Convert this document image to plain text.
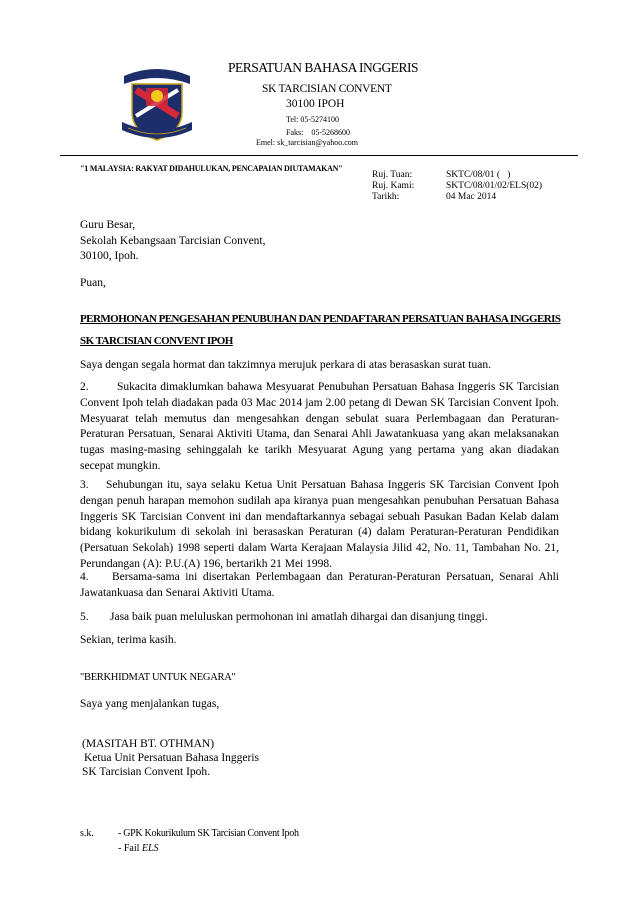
PERSATUAN BAHASA INGGERIS
SK TARCISIAN CONVENT
30100 IPOH
Tel: 05-5274100
Faks:    05-5268600
Emel: sk_tarcisian@yahoo.com
"1 MALAYSIA: RAKYAT DIDAHULUKAN, PENCAPAIAN DIUTAMAKAN"
Ruj. Tuan:	SKTC/08/01 (   )
Ruj. Kami:	SKTC/08/01/02/ELS(02)
Tarikh:	04 Mac 2014
Guru Besar,
Sekolah Kebangsaan Tarcisian Convent,
30100, Ipoh.
Puan,
PERMOHONAN PENGESAHAN PENUBUHAN DAN PENDAFTARAN PERSATUAN BAHASA INGGERIS
SK TARCISIAN CONVENT IPOH
Saya dengan segala hormat dan takzimnya merujuk perkara di atas berasaskan surat tuan.
2. Sukacita dimaklumkan bahawa Mesyuarat Penubuhan Persatuan Bahasa Inggeris SK Tarcisian Convent Ipoh telah diadakan pada 03 Mac 2014 jam 2.00 petang di Dewan SK Tarcisian Convent Ipoh. Mesyuarat telah memutus dan mengesahkan dengan sebulat suara Perlembagaan dan Peraturan-Peraturan Persatuan, Senarai Aktiviti Utama, dan Senarai Ahli Jawatankuasa yang akan melaksanakan tugas masing-masing sehinggalah ke tarikh Mesyuarat Agung yang pertama yang akan diadakan secepat mungkin.
3. Sehubungan itu, saya selaku Ketua Unit Persatuan Bahasa Inggeris SK Tarcisian Convent Ipoh dengan penuh harapan memohon sudilah apa kiranya puan mengesahkan penubuhan Persatuan Bahasa Inggeris SK Tarcisian Convent ini dan mendaftarkannya sebagai sebuah Pasukan Badan Kelab dalam bidang kokurikulum di sekolah ini berasaskan Peraturan (4) dalam Peraturan-Peraturan Pendidikan (Persatuan Sekolah) 1998 seperti dalam Warta Kerajaan Malaysia Jilid 42, No. 11, Tambahan No. 21, Perundangan (A): P.U.(A) 196, bertarikh 21 Mei 1998.
4. Bersama-sama ini disertakan Perlembagaan dan Peraturan-Peraturan Persatuan, Senarai Ahli Jawatankuasa dan Senarai Aktiviti Utama.
5. Jasa baik puan meluluskan permohonan ini amatlah dihargai dan disanjung tinggi.
Sekian, terima kasih.
"BERKHIDMAT UNTUK NEGARA"
Saya yang menjalankan tugas,
(MASITAH BT. OTHMAN)
Ketua Unit Persatuan Bahasa Inggeris
SK Tarcisian Convent Ipoh.
s.k. - GPK Kokurikulum SK Tarcisian Convent Ipoh
- Fail ELS
